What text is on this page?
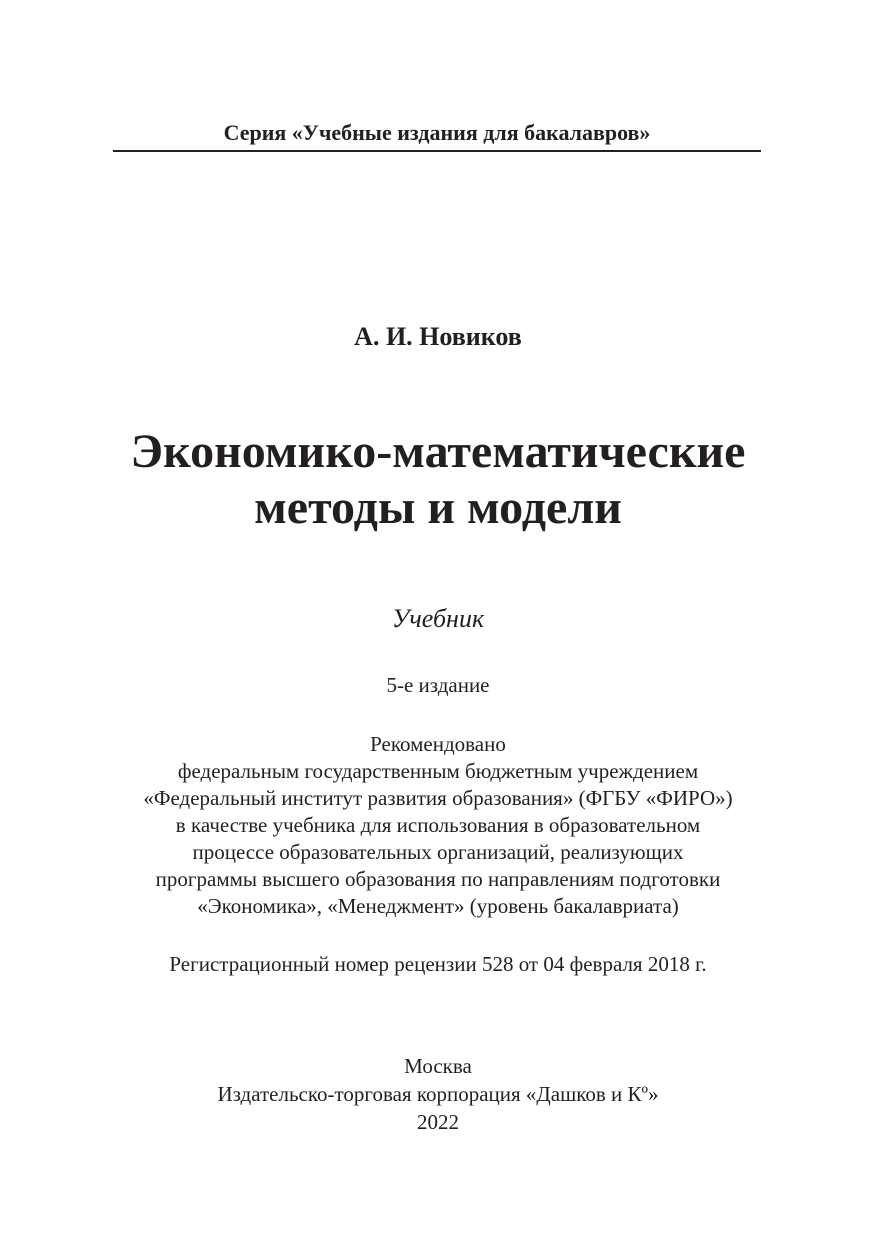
Серия «Учебные издания для бакалавров»
А. И. Новиков
Экономико-математические
методы и модели
Учебник
5-е издание
Рекомендовано
федеральным государственным бюджетным учреждением
«Федеральный институт развития образования» (ФГБУ «ФИРО»)
в качестве учебника для использования в образовательном
процессе образовательных организаций, реализующих
программы высшего образования по направлениям подготовки
«Экономика», «Менеджмент» (уровень бакалавриата)
Регистрационный номер рецензии 528 от 04 февраля 2018 г.
Москва
Издательско-торговая корпорация «Дашков и Кº»
2022
